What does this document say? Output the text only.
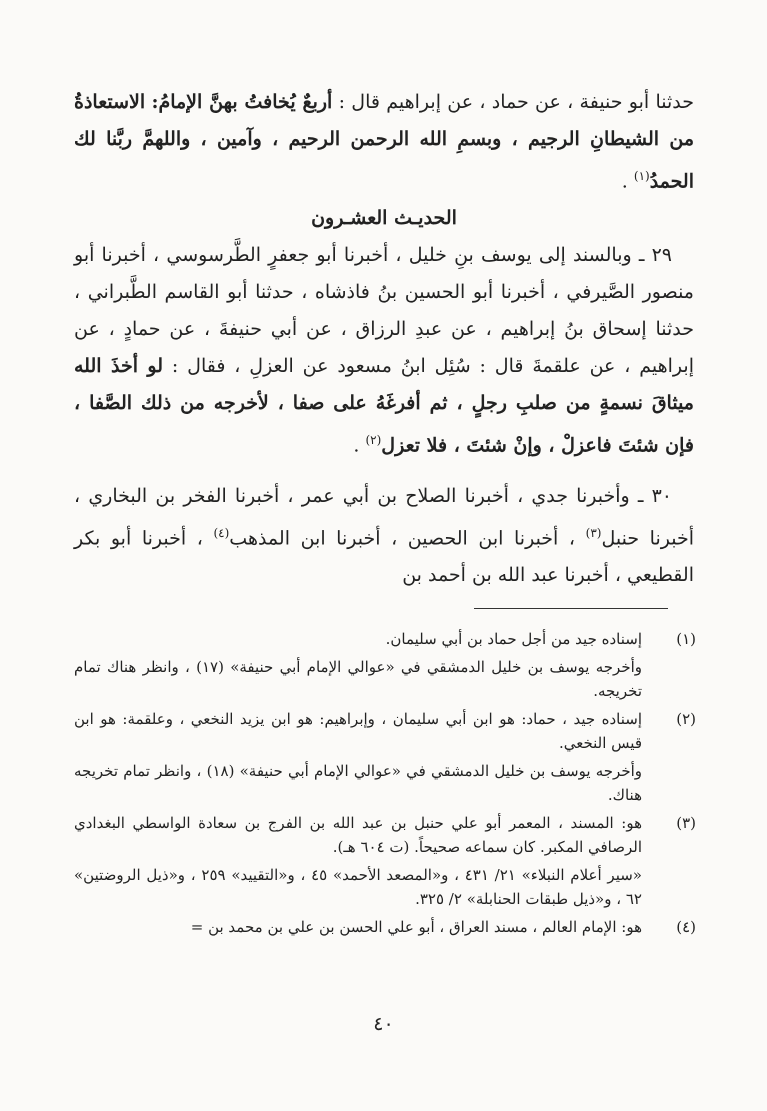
حدثنا أبو حنيفة ، عن حماد ، عن إبراهيم قال : أربعٌ يُخافتُ بهنَّ الإمامُ: الاستعاذةُ من الشيطانِ الرجيم ، وبسمِ الله الرحمن الرحيم ، وآمين ، واللهمَّ ربَّنا لك الحمدُ$^{(١)}$ .

الحديـث العشـرون

٢٩ ـ وبالسند إلى يوسف بنِ خليل ، أخبرنا أبو جعفرٍ الطَّرسوسي ، أخبرنا أبو منصور الصَّيرفي ، أخبرنا أبو الحسين بنُ فاذشاه ، حدثنا أبو القاسم الطَّبراني ، حدثنا إسحاق بنُ إبراهيم ، عن عبدِ الرزاق ، عن أبي حنيفةَ ، عن حمادٍ ، عن إبراهيم ، عن علقمةَ قال : سُئِل ابنُ مسعود عن العزلِ ، فقال : لو أخذَ الله ميثاقَ نسمةٍ من صلبِ رجلٍ ، ثم أفرغَهُ على صفا ، لأخرجه من ذلك الصَّفا ، فإن شئتَ فاعزلْ ، وإنْ شئتَ ، فلا تعزل$^{(٢)}$ .

٣٠ ـ وأخبرنا جدي ، أخبرنا الصلاح بن أبي عمر ، أخبرنا الفخر بن البخاري ، أخبرنا حنبل$^{(٣)}$ ، أخبرنا ابن الحصين ، أخبرنا ابن المذهب$^{(٤)}$ ، أخبرنا أبو بكر القطيعي ، أخبرنا عبد الله بن أحمد بن

(١)

إسناده جيد من أجل حماد بن أبي سليمان.

وأخرجه يوسف بن خليل الدمشقي في «عوالي الإمام أبي حنيفة» (١٧) ، وانظر هناك تمام تخريجه.

(٢)

إسناده جيد ، حماد: هو ابن أبي سليمان ، وإبراهيم: هو ابن يزيد النخعي ، وعلقمة: هو ابن قيس النخعي.

وأخرجه يوسف بن خليل الدمشقي في «عوالي الإمام أبي حنيفة» (١٨) ، وانظر تمام تخريجه هناك.

(٣)

هو: المسند ، المعمر أبو علي حنبل بن عبد الله بن الفرج بن سعادة الواسطي البغدادي الرصافي المكبر. كان سماعه صحيحاً. (ت ٦٠٤ هـ).

«سير أعلام النبلاء» ٢١/ ٤٣١ ، و«المصعد الأحمد» ٤٥ ، و«التقييد» ٢٥٩ ، و«ذيل الروضتين» ٦٢ ، و«ذيل طبقات الحنابلة» ٢/ ٣٢٥.

(٤)

هو: الإمام العالم ، مسند العراق ، أبو علي الحسن بن علي بن محمد بن =

٤٠
